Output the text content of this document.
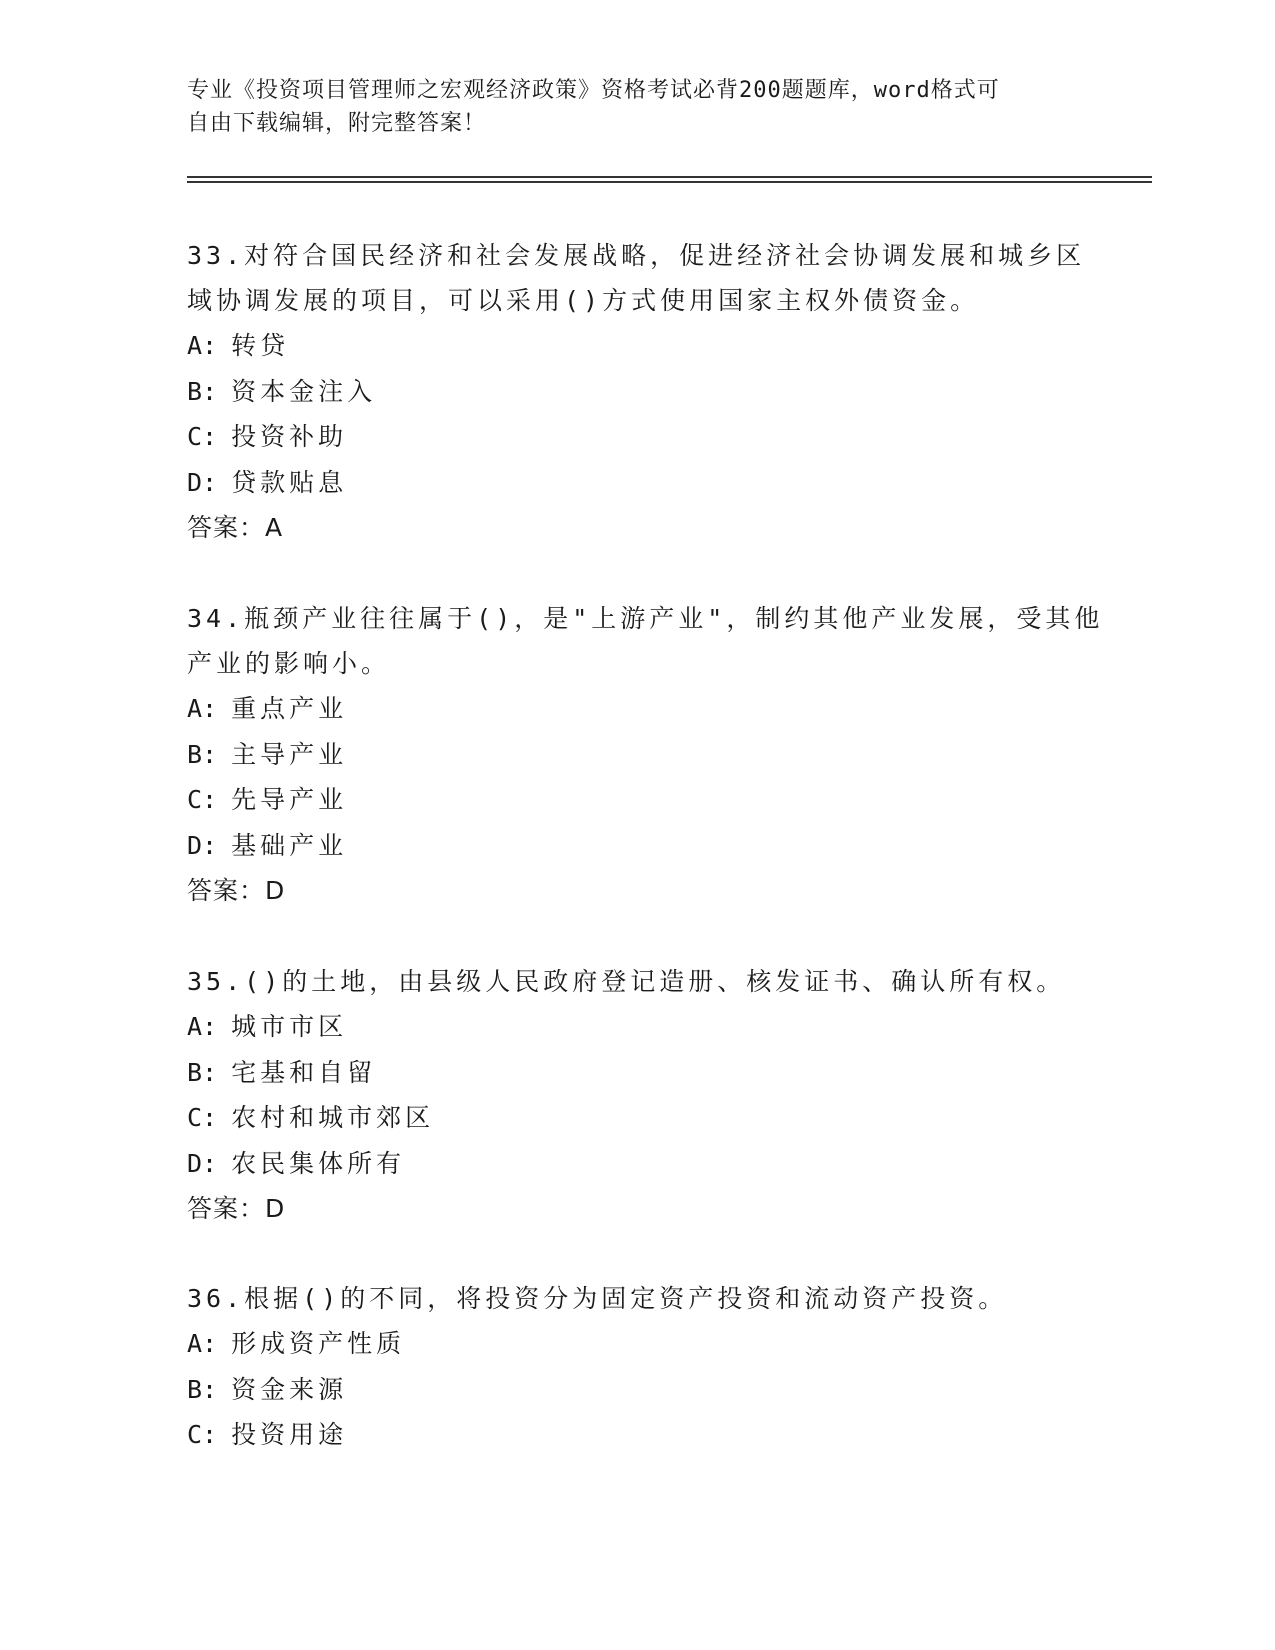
专业《投资项目管理师之宏观经济政策》资格考试必背200题题库，word格式可
自由下载编辑，附完整答案！
33.对符合国民经济和社会发展战略，促进经济社会协调发展和城乡区
域协调发展的项目，可以采用()方式使用国家主权外债资金。
A: 转贷
B: 资本金注入
C: 投资补助
D: 贷款贴息
答案：A
34.瓶颈产业往往属于()，是"上游产业"，制约其他产业发展，受其他
产业的影响小。
A: 重点产业
B: 主导产业
C: 先导产业
D: 基础产业
答案：D
35.()的土地，由县级人民政府登记造册、核发证书、确认所有权。
A: 城市市区
B: 宅基和自留
C: 农村和城市郊区
D: 农民集体所有
答案：D
36.根据()的不同，将投资分为固定资产投资和流动资产投资。
A: 形成资产性质
B: 资金来源
C: 投资用途
